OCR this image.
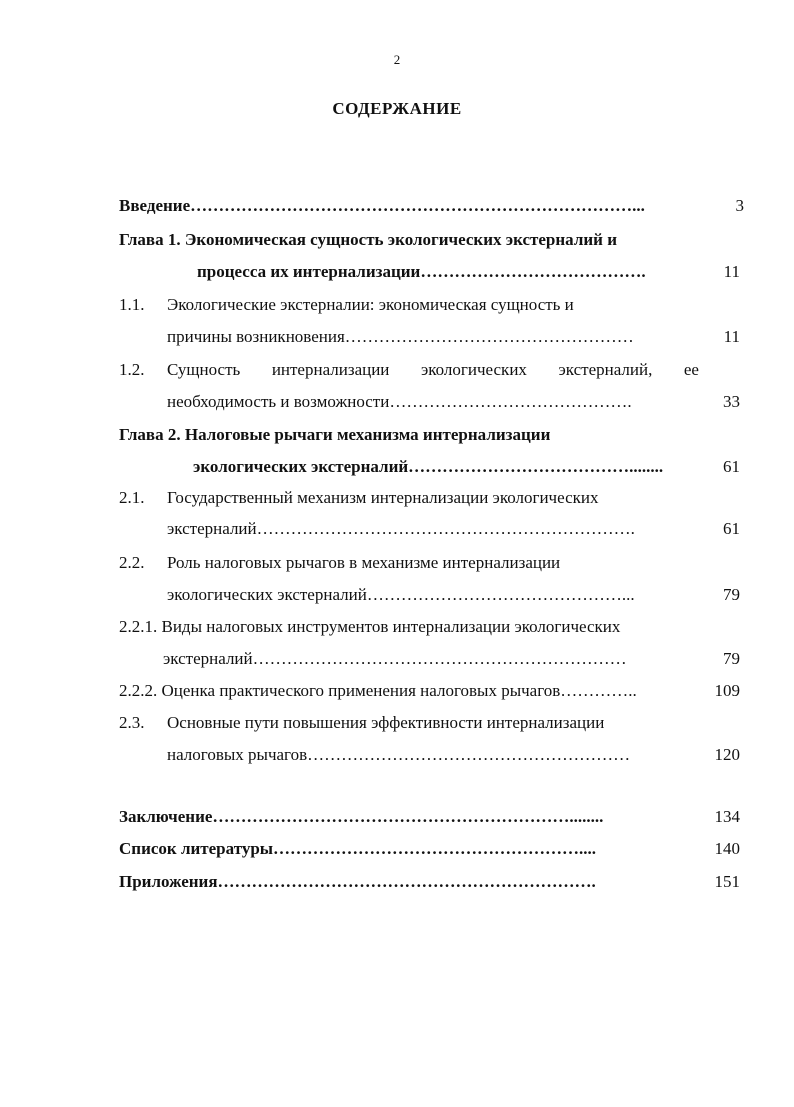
2
СОДЕРЖАНИЕ
Введение……………………………………………………………………...	3
Глава 1. Экономическая сущность экологических экстерналий и
процесса их интернализации………………………………….	11
1.1. Экологические экстерналии: экономическая сущность и
причины возникновения……………………………………………	11
1.2. Сущность интернализации экологических экстерналий, ее
необходимость и возможности…………………………………….	33
Глава 2. Налоговые рычаги механизма интернализации
экологических экстерналий…………………………………........	61
2.1. Государственный механизм интернализации экологических
экстерналий………………………………………………………….	61
2.2. Роль налоговых рычагов в механизме интернализации
экологических экстерналий………………………………………...	79
2.2.1. Виды налоговых инструментов интернализации экологических
экстерналий…………………………………………………………	79
2.2.2. Оценка практического применения налоговых рычагов…………..	109
2.3. Основные пути повышения эффективности интернализации
налоговых рычагов…………………………………………………	120
Заключение………………………………………………………........	134
Список литературы………………………………………………....	140
Приложения………………………………………………………….	151
